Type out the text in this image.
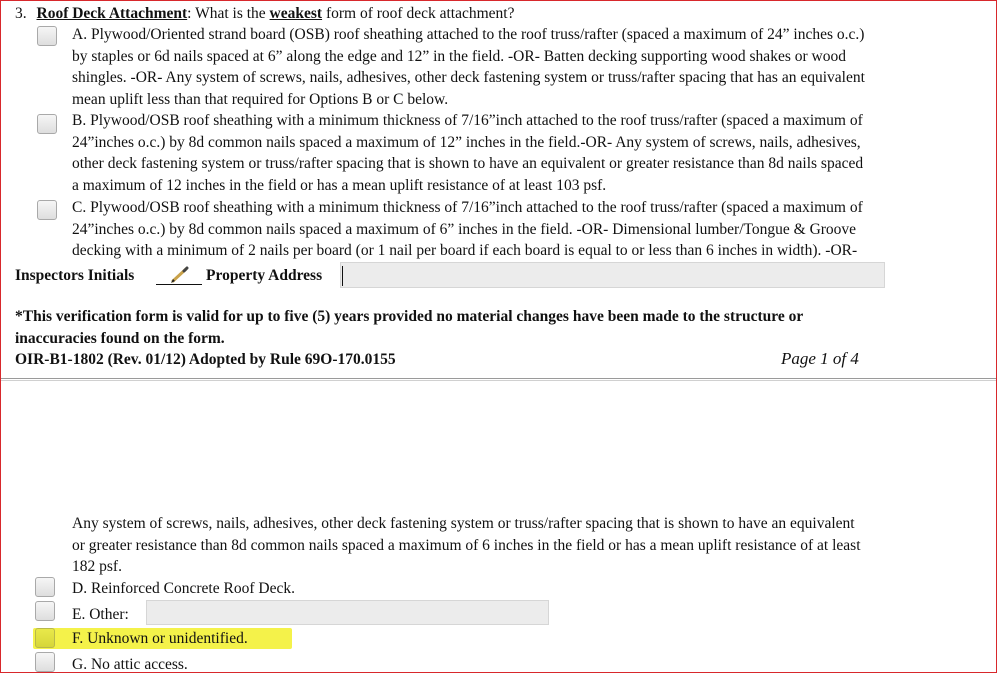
3. Roof Deck Attachment: What is the weakest form of roof deck attachment?
A. Plywood/Oriented strand board (OSB) roof sheathing attached to the roof truss/rafter (spaced a maximum of 24” inches o.c.)
by staples or 6d nails spaced at 6” along the edge and 12” in the field. -OR- Batten decking supporting wood shakes or wood
shingles. -OR- Any system of screws, nails, adhesives, other deck fastening system or truss/rafter spacing that has an equivalent
mean uplift less than that required for Options B or C below.
B. Plywood/OSB roof sheathing with a minimum thickness of 7/16”inch attached to the roof truss/rafter (spaced a maximum of
24”inches o.c.) by 8d common nails spaced a maximum of 12” inches in the field.-OR- Any system of screws, nails, adhesives,
other deck fastening system or truss/rafter spacing that is shown to have an equivalent or greater resistance than 8d nails spaced
a maximum of 12 inches in the field or has a mean uplift resistance of at least 103 psf.
C. Plywood/OSB roof sheathing with a minimum thickness of 7/16”inch attached to the roof truss/rafter (spaced a maximum of
24”inches o.c.) by 8d common nails spaced a maximum of 6” inches in the field. -OR- Dimensional lumber/Tongue & Groove
decking with a minimum of 2 nails per board (or 1 nail per board if each board is equal to or less than 6 inches in width). -OR-
Inspectors Initials	Property Address
*This verification form is valid for up to five (5) years provided no material changes have been made to the structure or
inaccuracies found on the form.
OIR-B1-1802 (Rev. 01/12) Adopted by Rule 69O-170.0155	Page 1 of 4
Any system of screws, nails, adhesives, other deck fastening system or truss/rafter spacing that is shown to have an equivalent
or greater resistance than 8d common nails spaced a maximum of 6 inches in the field or has a mean uplift resistance of at least
182 psf.
D. Reinforced Concrete Roof Deck.
E. Other:
F. Unknown or unidentified.
G. No attic access.
